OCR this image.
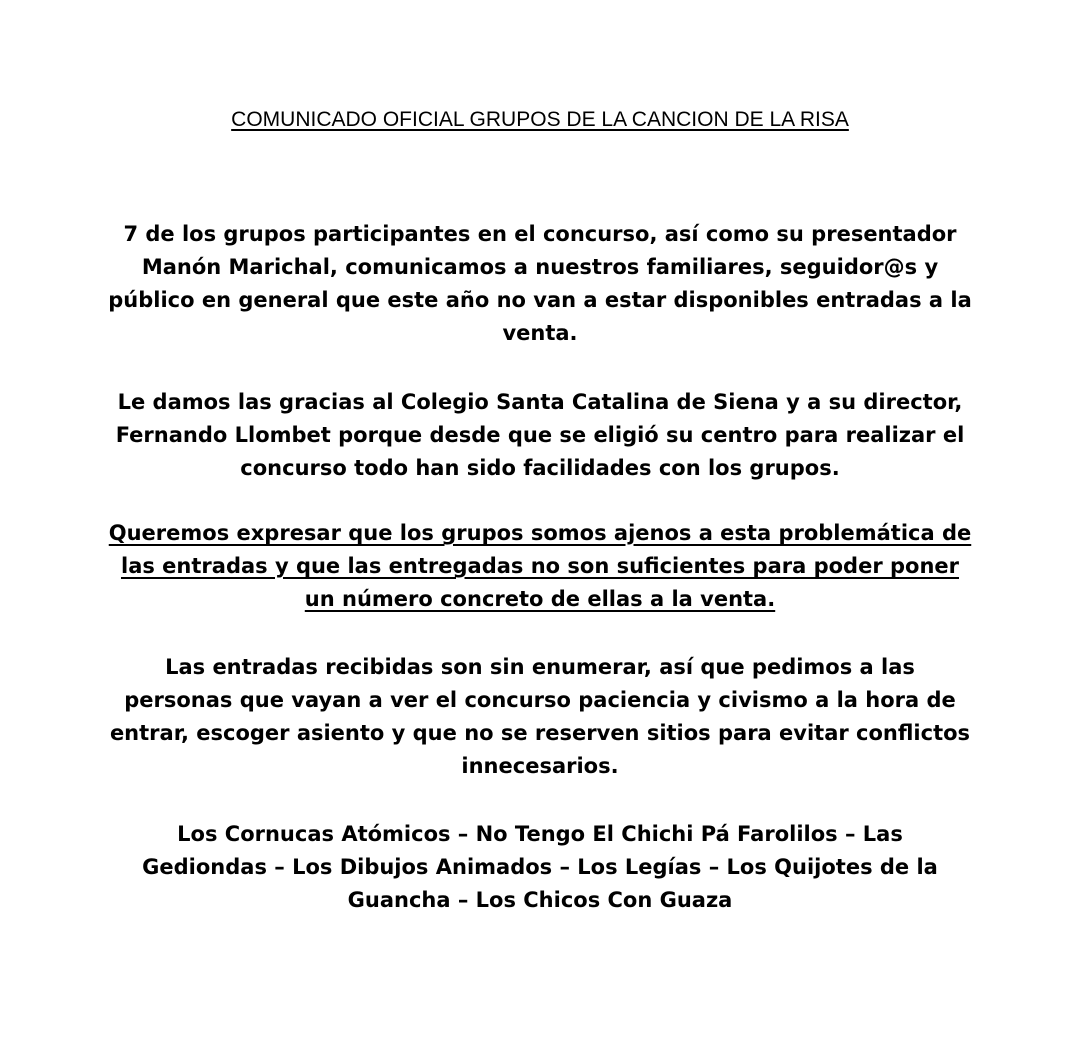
COMUNICADO OFICIAL GRUPOS DE LA CANCION DE LA RISA

7 de los grupos participantes en el concurso, así como su presentador
Manón Marichal, comunicamos a nuestros familiares, seguidor@s y
público en general que este año no van a estar disponibles entradas a la
venta.

Le damos las gracias al Colegio Santa Catalina de Siena y a su director,
Fernando Llombet porque desde que se eligió su centro para realizar el
concurso todo han sido facilidades con los grupos.

Queremos expresar que los grupos somos ajenos a esta problemática de
las entradas y que las entregadas no son suficientes para poder poner
un número concreto de ellas a la venta.

Las entradas recibidas son sin enumerar, así que pedimos a las
personas que vayan a ver el concurso paciencia y civismo a la hora de
entrar, escoger asiento y que no se reserven sitios para evitar conflictos
innecesarios.

Los Cornucas Atómicos – No Tengo El Chichi Pá Farolilos – Las
Gediondas – Los Dibujos Animados – Los Legías – Los Quijotes de la
Guancha – Los Chicos Con Guaza
